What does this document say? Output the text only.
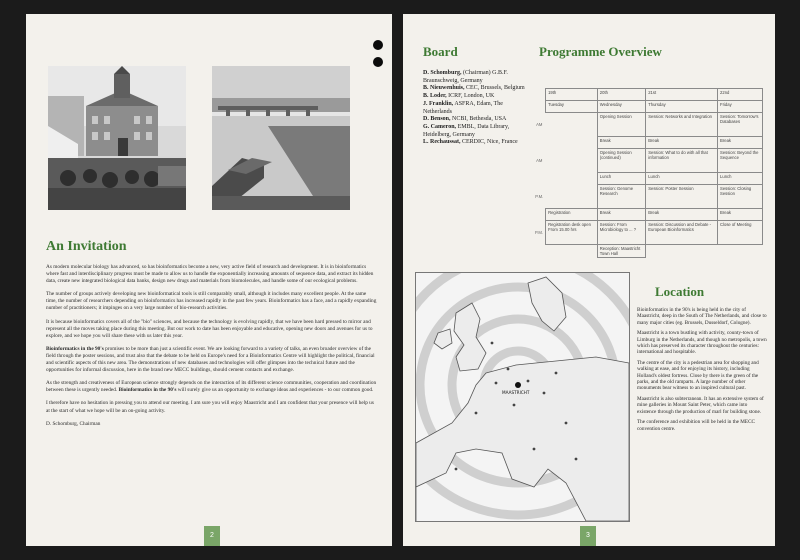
An Invitation

As modern molecular biology has advanced, so has bioinformatics become a new, very active field of research and development. It is in bioinformatics where fast and interdisciplinary progress must be made to allow us to handle the exponentially increasing amounts of sequence data, and extract its hidden data, create new integrated biological data banks, design new drugs and materials from biomolecules, and handle some of our ecological problems.

The number of groups actively developing new bioinformatical tools is still comparably small, although it includes many excellent people. At the same time, the number of researchers depending on bioinformatics has increased rapidly in the past few years. Bioinformatics has a face, and a rapidly expanding number of practitioners; it impinges on a very large number of bio-research activities.

It is because bioinformatics covers all of the "bio" sciences, and because the technology is evolving rapidly, that we have been hard pressed to mirror and represent all the moves taking place during this meeting. But our work to date has been enjoyable and educative, opening new doors and avenues for us to explore, and we hope you will share these with us later this year.

Bioinformatics in the 90's promises to be more than just a scientific event. We are looking forward to a variety of talks, an even broader overview of the field through the poster sessions, and trust also that the debate to be held on Europe's need for a Bioinformatics Centre will highlight the political, financial and scientific aspects of this new area. The demonstrations of new databases and technologies will offer glimpses into the technical future and the opportunities for informal discussion, here in the brand new MECC buildings, should cement contacts and exchange.

As the strength and creativeness of European science strongly depends on the interaction of its different science communities, cooperation and coordination between these is urgently needed. Bioinformatics in the 90's will surely give us an opportunity to exchange ideas and experiences - to our common good.

I therefore have no hesitation in pressing you to attend our meeting. I am sure you will enjoy Maastricht and I am confident that your presence will help us at the start of what we hope will be an on-going activity.

D. Schomburg, Chairman

2
Board
D. Schomburg, (Chairman) G.B.F. Braunschweig, Germany
B. Nieuwenhuis, CEC, Brussels, Belgium
B. Loder, ICRF, London, UK
J. Franklin, ASFRA, Edam, The Netherlands
D. Benson, NCBI, Bethesda, USA
G. Cameron, EMBL, Data Library, Heidelberg, Germany
L. Rechaussat, CERDIC, Nice, France
Programme Overview
	19th	20th	21st	22nd
	Tuesday	Wednesday	Thursday	Friday
AM		Opening Session	Session: Networks and Integration	Session: Tomorrow's Databases
		Break	Break	Break
AM		Opening Session (continued)	Session: What to do with all that information	Session: Beyond the Sequence
		Lunch	Lunch	Lunch
P.M.		Session: Genome Research	Session: Poster Session	Session: Closing Session
	Registration	Break	Break	Break
P.M.	Registration desk open From 15.00 hrs	Session: From Microbiology to ... ?	Session: Discussion and Debate - European Bioinformatics	Close of Meeting
		Reception: Maastricht Town Hall		
MAASTRICHT
Location

Bioinformatics in the 90's is being held in the city of Maastricht, deep in the South of The Netherlands, and close to many major cities (eg. Brussels, Dusseldorf, Cologne).

Maastricht is a town bustling with activity, county-town of Limburg in the Netherlands, and though no metropolis, a town which has preserved its character throughout the centuries: international and hospitable.

The centre of the city is a pedestrian area for shopping and walking at ease, and for enjoying its history, including Holland's oldest fortress. Close by there is the green of the parks, and the old ramparts. A large number of other monuments bear witness to an inspired cultural past.

Maastricht is also subterranean. It has an extensive system of mine galleries in Mount Saint Peter, which came into existence through the production of marl for building stone.

The conference and exhibition will be held in the MECC convention centre.

3
